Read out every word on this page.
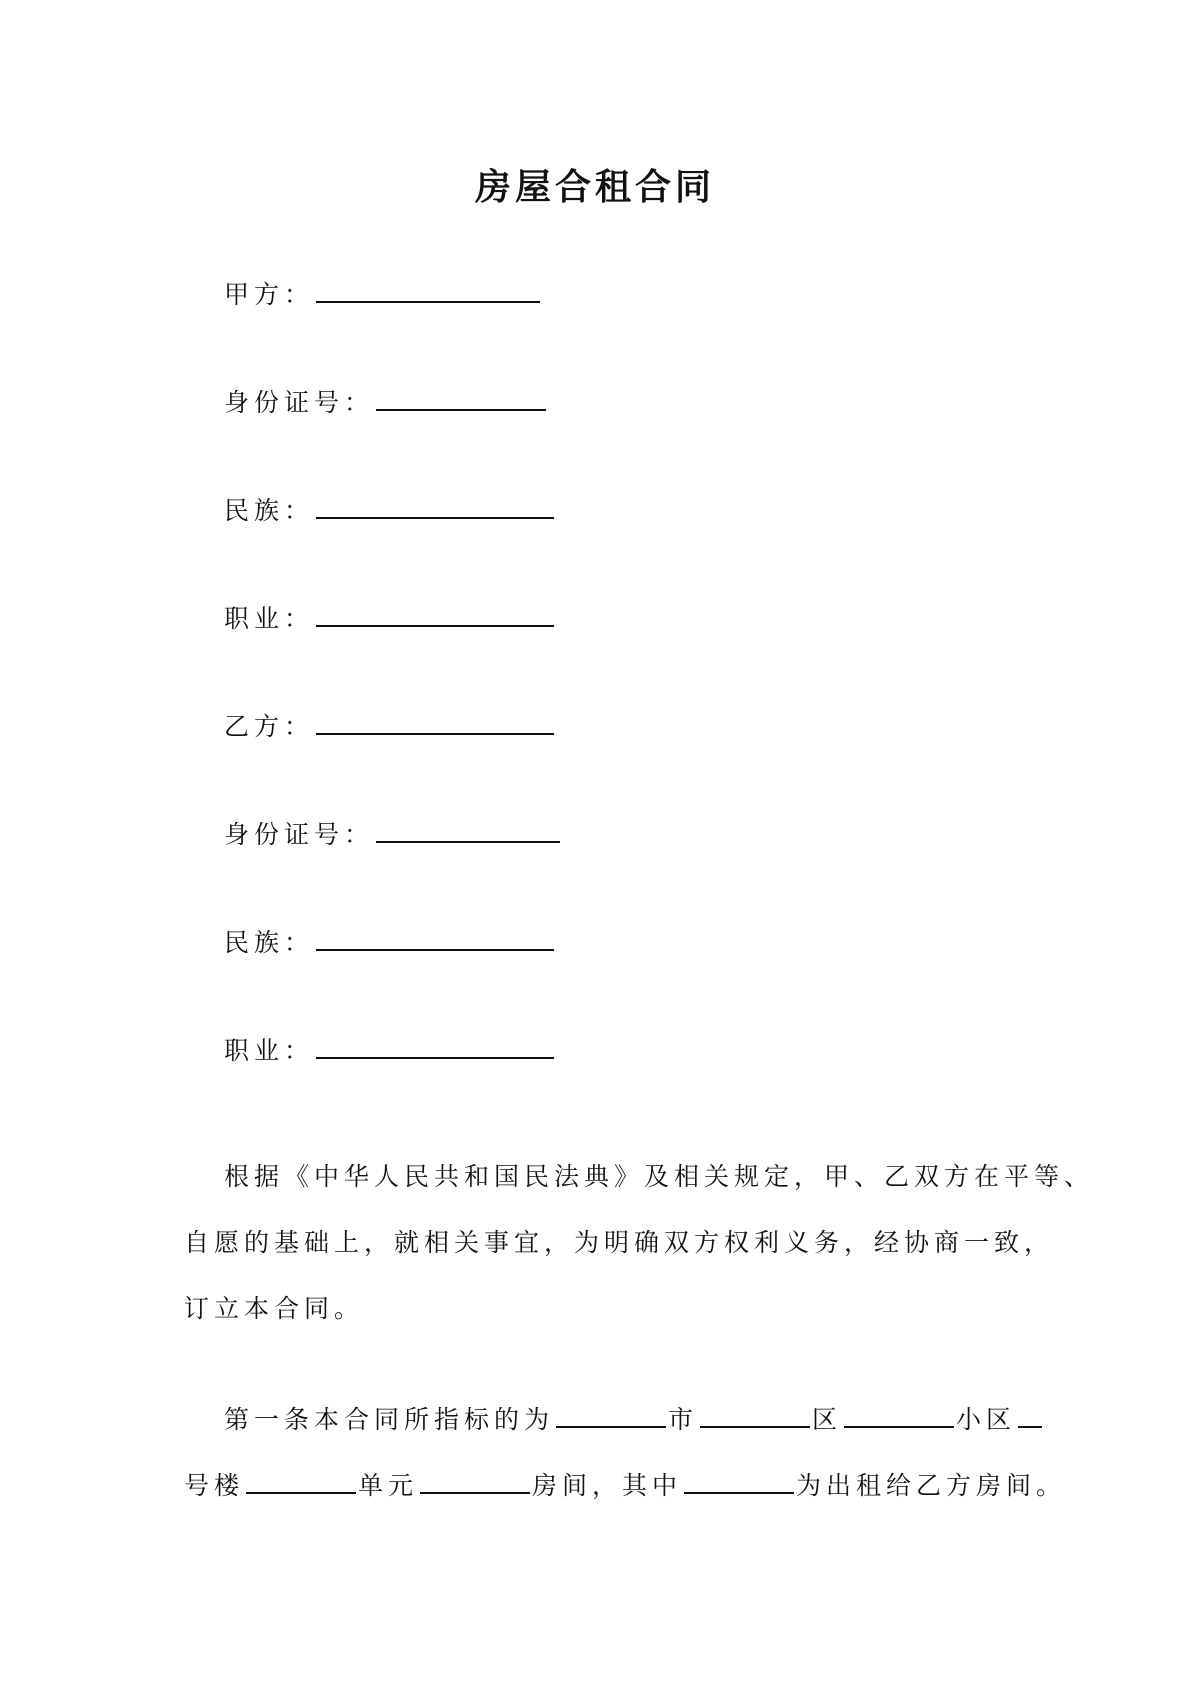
房屋合租合同
甲方：
身份证号：
民族：
职业：
乙方：
身份证号：
民族：
职业：
根据《中华人民共和国民法典》及相关规定，甲、乙双方在平等、
自愿的基础上，就相关事宜，为明确双方权利义务，经协商一致，
订立本合同。
第一条本合同所指标的为	市	区	小区
号楼	单元	房间，其中	为出租给乙方房间。
